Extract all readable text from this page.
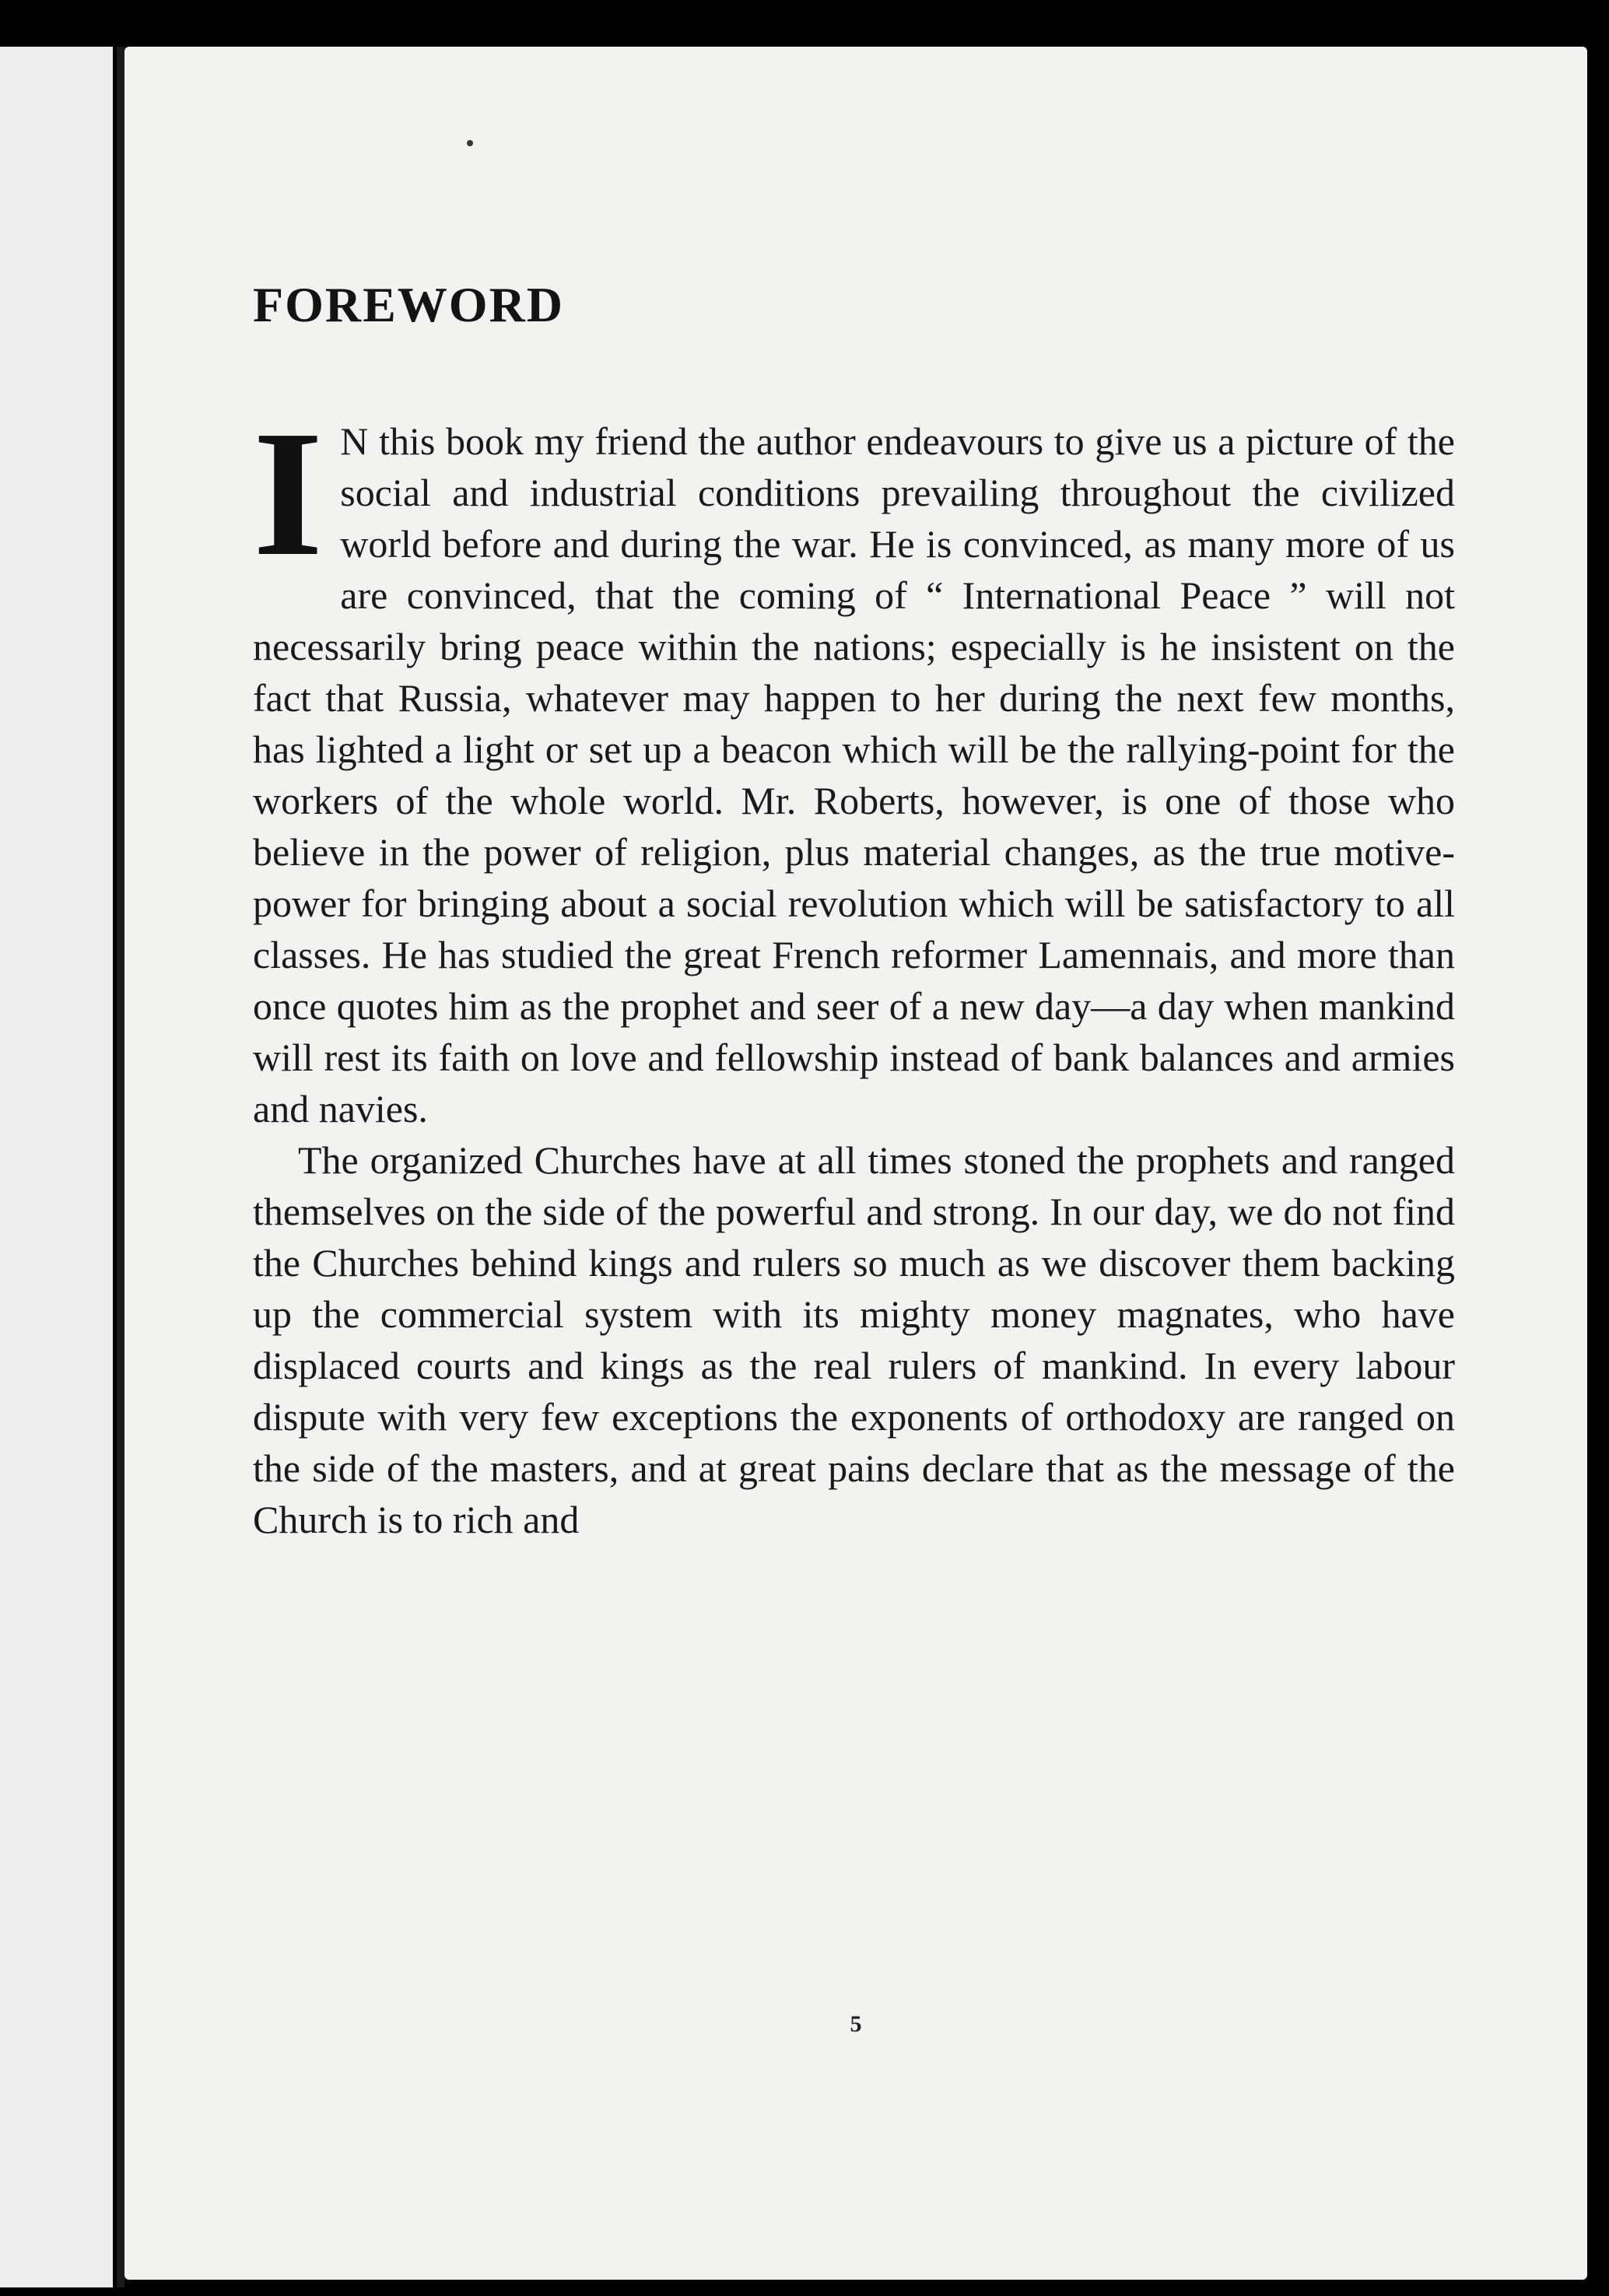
FOREWORD

I N this book my friend the author endeavours to give us a picture of the social and industrial conditions prevailing throughout the civilized world before and during the war. He is convinced, as many more of us are convinced, that the coming of “ International Peace ” will not necessarily bring peace within the nations; especially is he insistent on the fact that Russia, whatever may happen to her during the next few months, has lighted a light or set up a beacon which will be the rallying-point for the workers of the whole world. Mr. Roberts, however, is one of those who believe in the power of religion, plus material changes, as the true motive-power for bringing about a social revolution which will be satisfactory to all classes. He has studied the great French reformer Lamennais, and more than once quotes him as the prophet and seer of a new day—a day when mankind will rest its faith on love and fellowship instead of bank balances and armies and navies.

The organized Churches have at all times stoned the prophets and ranged themselves on the side of the powerful and strong. In our day, we do not find the Churches behind kings and rulers so much as we discover them backing up the commercial system with its mighty money magnates, who have displaced courts and kings as the real rulers of mankind. In every labour dispute with very few exceptions the exponents of orthodoxy are ranged on the side of the masters, and at great pains declare that as the message of the Church is to rich and

5
